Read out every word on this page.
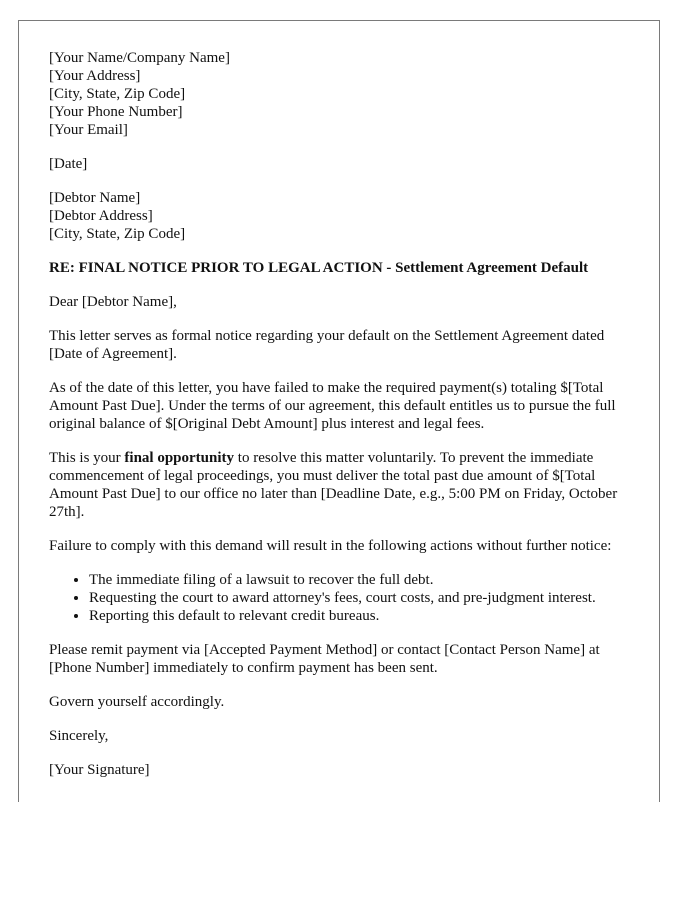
[Your Name/Company Name]
[Your Address]
[City, State, Zip Code]
[Your Phone Number]
[Your Email]
[Date]
[Debtor Name]
[Debtor Address]
[City, State, Zip Code]
RE: FINAL NOTICE PRIOR TO LEGAL ACTION - Settlement Agreement Default

Dear [Debtor Name],

This letter serves as formal notice regarding your default on the Settlement Agreement dated [Date of Agreement].

As of the date of this letter, you have failed to make the required payment(s) totaling $[Total Amount Past Due]. Under the terms of our agreement, this default entitles us to pursue the full original balance of $[Original Debt Amount] plus interest and legal fees.

This is your final opportunity to resolve this matter voluntarily. To prevent the immediate commencement of legal proceedings, you must deliver the total past due amount of $[Total Amount Past Due] to our office no later than [Deadline Date, e.g., 5:00 PM on Friday, October 27th].

Failure to comply with this demand will result in the following actions without further notice:

• The immediate filing of a lawsuit to recover the full debt.
• Requesting the court to award attorney's fees, court costs, and pre-judgment interest.
• Reporting this default to relevant credit bureaus.

Please remit payment via [Accepted Payment Method] or contact [Contact Person Name] at [Phone Number] immediately to confirm payment has been sent.

Govern yourself accordingly.

Sincerely,

[Your Signature]
